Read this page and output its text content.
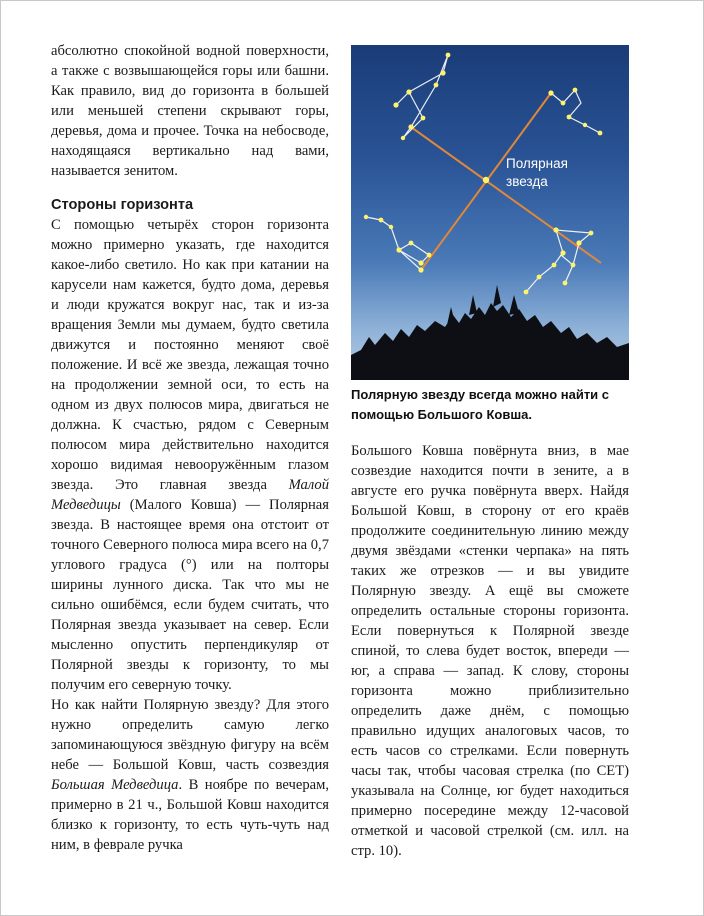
абсолютно спокойной водной поверхности, а также с возвышающейся горы или башни. Как правило, вид до горизонта в большей или меньшей степени скрывают горы, деревья, дома и прочее. Точка на небосводе, находящаяся вертикально над вами, называется зенитом.

Стороны горизонта

С помощью четырёх сторон горизонта можно примерно указать, где находится какое-либо светило. Но как при катании на карусели нам кажется, будто дома, деревья и люди кружатся вокруг нас, так и из-за вращения Земли мы думаем, будто светила движутся и постоянно меняют своё положение. И всё же звезда, лежащая точно на продолжении земной оси, то есть на одном из двух полюсов мира, двигаться не должна. К счастью, рядом с Северным полюсом мира действительно находится хорошо видимая невооружённым глазом звезда. Это главная звезда Малой Медведицы (Малого Ковша) — Полярная звезда. В настоящее время она отстоит от точного Северного полюса мира всего на 0,7 углового градуса (°) или на полторы ширины лунного диска. Так что мы не сильно ошибёмся, если будем считать, что Полярная звезда указывает на север. Если мысленно опустить перпендикуляр от Полярной звезды к горизонту, то мы получим его северную точку.

Но как найти Полярную звезду? Для этого нужно определить самую легко запоминающуюся звёздную фигуру на всём небе — Большой Ковш, часть созвездия Большая Медведица. В ноябре по вечерам, примерно в 21 ч., Большой Ковш находится близко к горизонту, то есть чуть-чуть над ним, в феврале ручка

Полярная
звезда
Полярную звезду всегда можно найти с помощью Большого Ковша.

Большого Ковша повёрнута вниз, в мае созвездие находится почти в зените, а в августе его ручка повёрнута вверх. Найдя Большой Ковш, в сторону от его краёв продолжите соединительную линию между двумя звёздами «стенки черпака» на пять таких же отрезков — и вы увидите Полярную звезду. А ещё вы сможете определить остальные стороны горизонта. Если повернуться к Полярной звезде спиной, то слева будет восток, впереди — юг, а справа — запад. К слову, стороны горизонта можно приблизительно определить даже днём, с помощью правильно идущих аналоговых часов, то есть часов со стрелками. Если повернуть часы так, чтобы часовая стрелка (по CET) указывала на Солнце, юг будет находиться примерно посередине между 12-часовой отметкой и часовой стрелкой (см. илл. на стр. 10).
